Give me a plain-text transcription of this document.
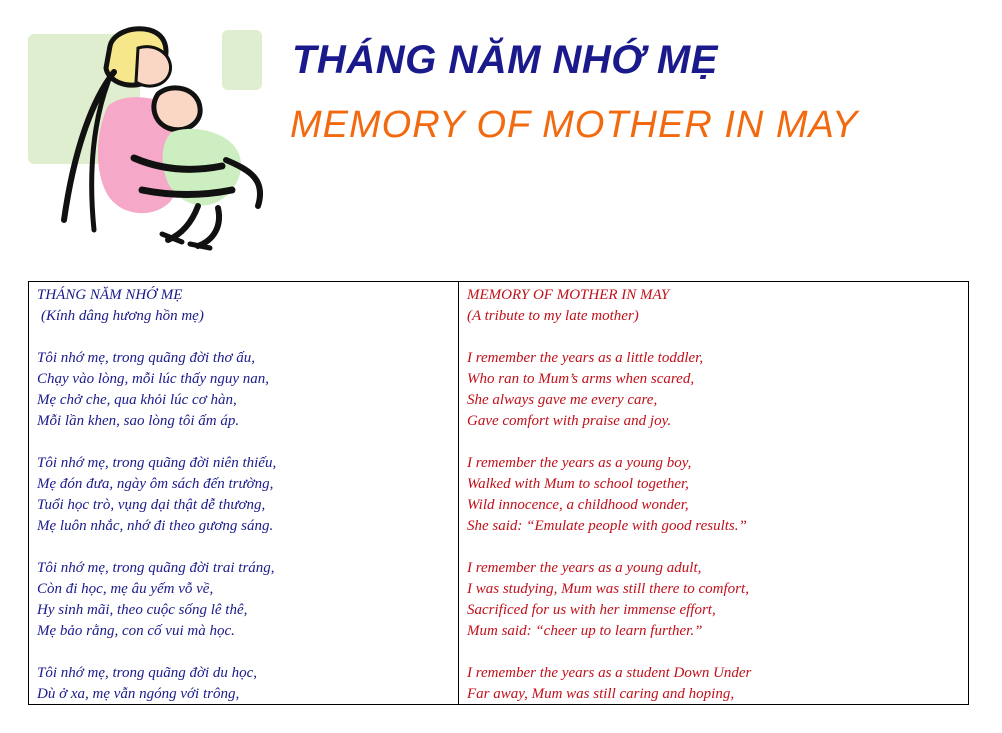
THÁNG NĂM NHỚ MẸ
MEMORY OF MOTHER IN MAY
THÁNG NĂM NHỚ MẸ
(Kính dâng hương hồn mẹ)
Tôi nhớ mẹ, trong quãng đời thơ ấu,
Chạy vào lòng, mỗi lúc thấy nguy nan,
Mẹ chở che, qua khỏi lúc cơ hàn,
Mỗi lần khen, sao lòng tôi ấm áp.
Tôi nhớ mẹ, trong quãng đời niên thiếu,
Mẹ đón đưa, ngày ôm sách đến trường,
Tuổi học trò, vụng dại thật dễ thương,
Mẹ luôn nhắc, nhớ đi theo gương sáng.
Tôi nhớ mẹ, trong quãng đời trai tráng,
Còn đi học, mẹ âu yếm vỗ về,
Hy sinh mãi, theo cuộc sống lê thê,
Mẹ bảo rằng, con cố vui mà học.
Tôi nhớ mẹ, trong quãng đời du học,
Dù ở xa, mẹ vẫn ngóng với trông,
MEMORY OF MOTHER IN MAY
(A tribute to my late mother)
I remember the years as a little toddler,
Who ran to Mum’s arms when scared,
She always gave me every care,
Gave comfort with praise and joy.
I remember the years as a young boy,
Walked with Mum to school together,
Wild innocence, a childhood wonder,
She said: “Emulate people with good results.”
I remember the years as a young adult,
I was studying, Mum was still there to comfort,
Sacrificed for us with her immense effort,
Mum said: “cheer up to learn further.”
I remember the years as a student Down Under
Far away, Mum was still caring and hoping,
